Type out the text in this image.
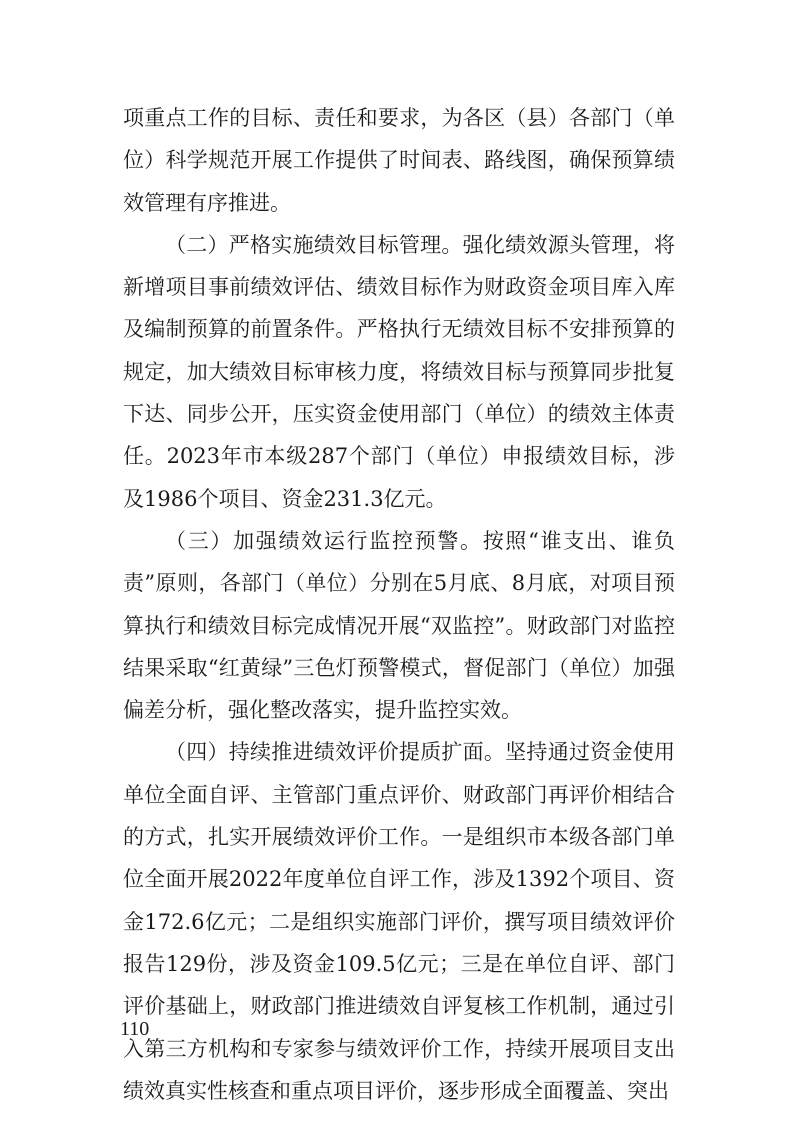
项重点工作的目标、责任和要求，为各区（县）各部门（单位）科学规范开展工作提供了时间表、路线图，确保预算绩效管理有序推进。

（二）严格实施绩效目标管理。强化绩效源头管理，将新增项目事前绩效评估、绩效目标作为财政资金项目库入库及编制预算的前置条件。严格执行无绩效目标不安排预算的规定，加大绩效目标审核力度，将绩效目标与预算同步批复下达、同步公开，压实资金使用部门（单位）的绩效主体责任。2023年市本级287个部门（单位）申报绩效目标，涉及1986个项目、资金231.3亿元。

（三）加强绩效运行监控预警。按照“谁支出、谁负责”原则，各部门（单位）分别在5月底、8月底，对项目预算执行和绩效目标完成情况开展“双监控”。财政部门对监控结果采取“红黄绿”三色灯预警模式，督促部门（单位）加强偏差分析，强化整改落实，提升监控实效。

（四）持续推进绩效评价提质扩面。坚持通过资金使用单位全面自评、主管部门重点评价、财政部门再评价相结合的方式，扎实开展绩效评价工作。一是组织市本级各部门单位全面开展2022年度单位自评工作，涉及1392个项目、资金172.6亿元；二是组织实施部门评价，撰写项目绩效评价报告129份，涉及资金109.5亿元；三是在单位自评、部门评价基础上，财政部门推进绩效自评复核工作机制，通过引入第三方机构和专家参与绩效评价工作，持续开展项目支出绩效真实性核查和重点项目评价，逐步形成全面覆盖、突出

110
